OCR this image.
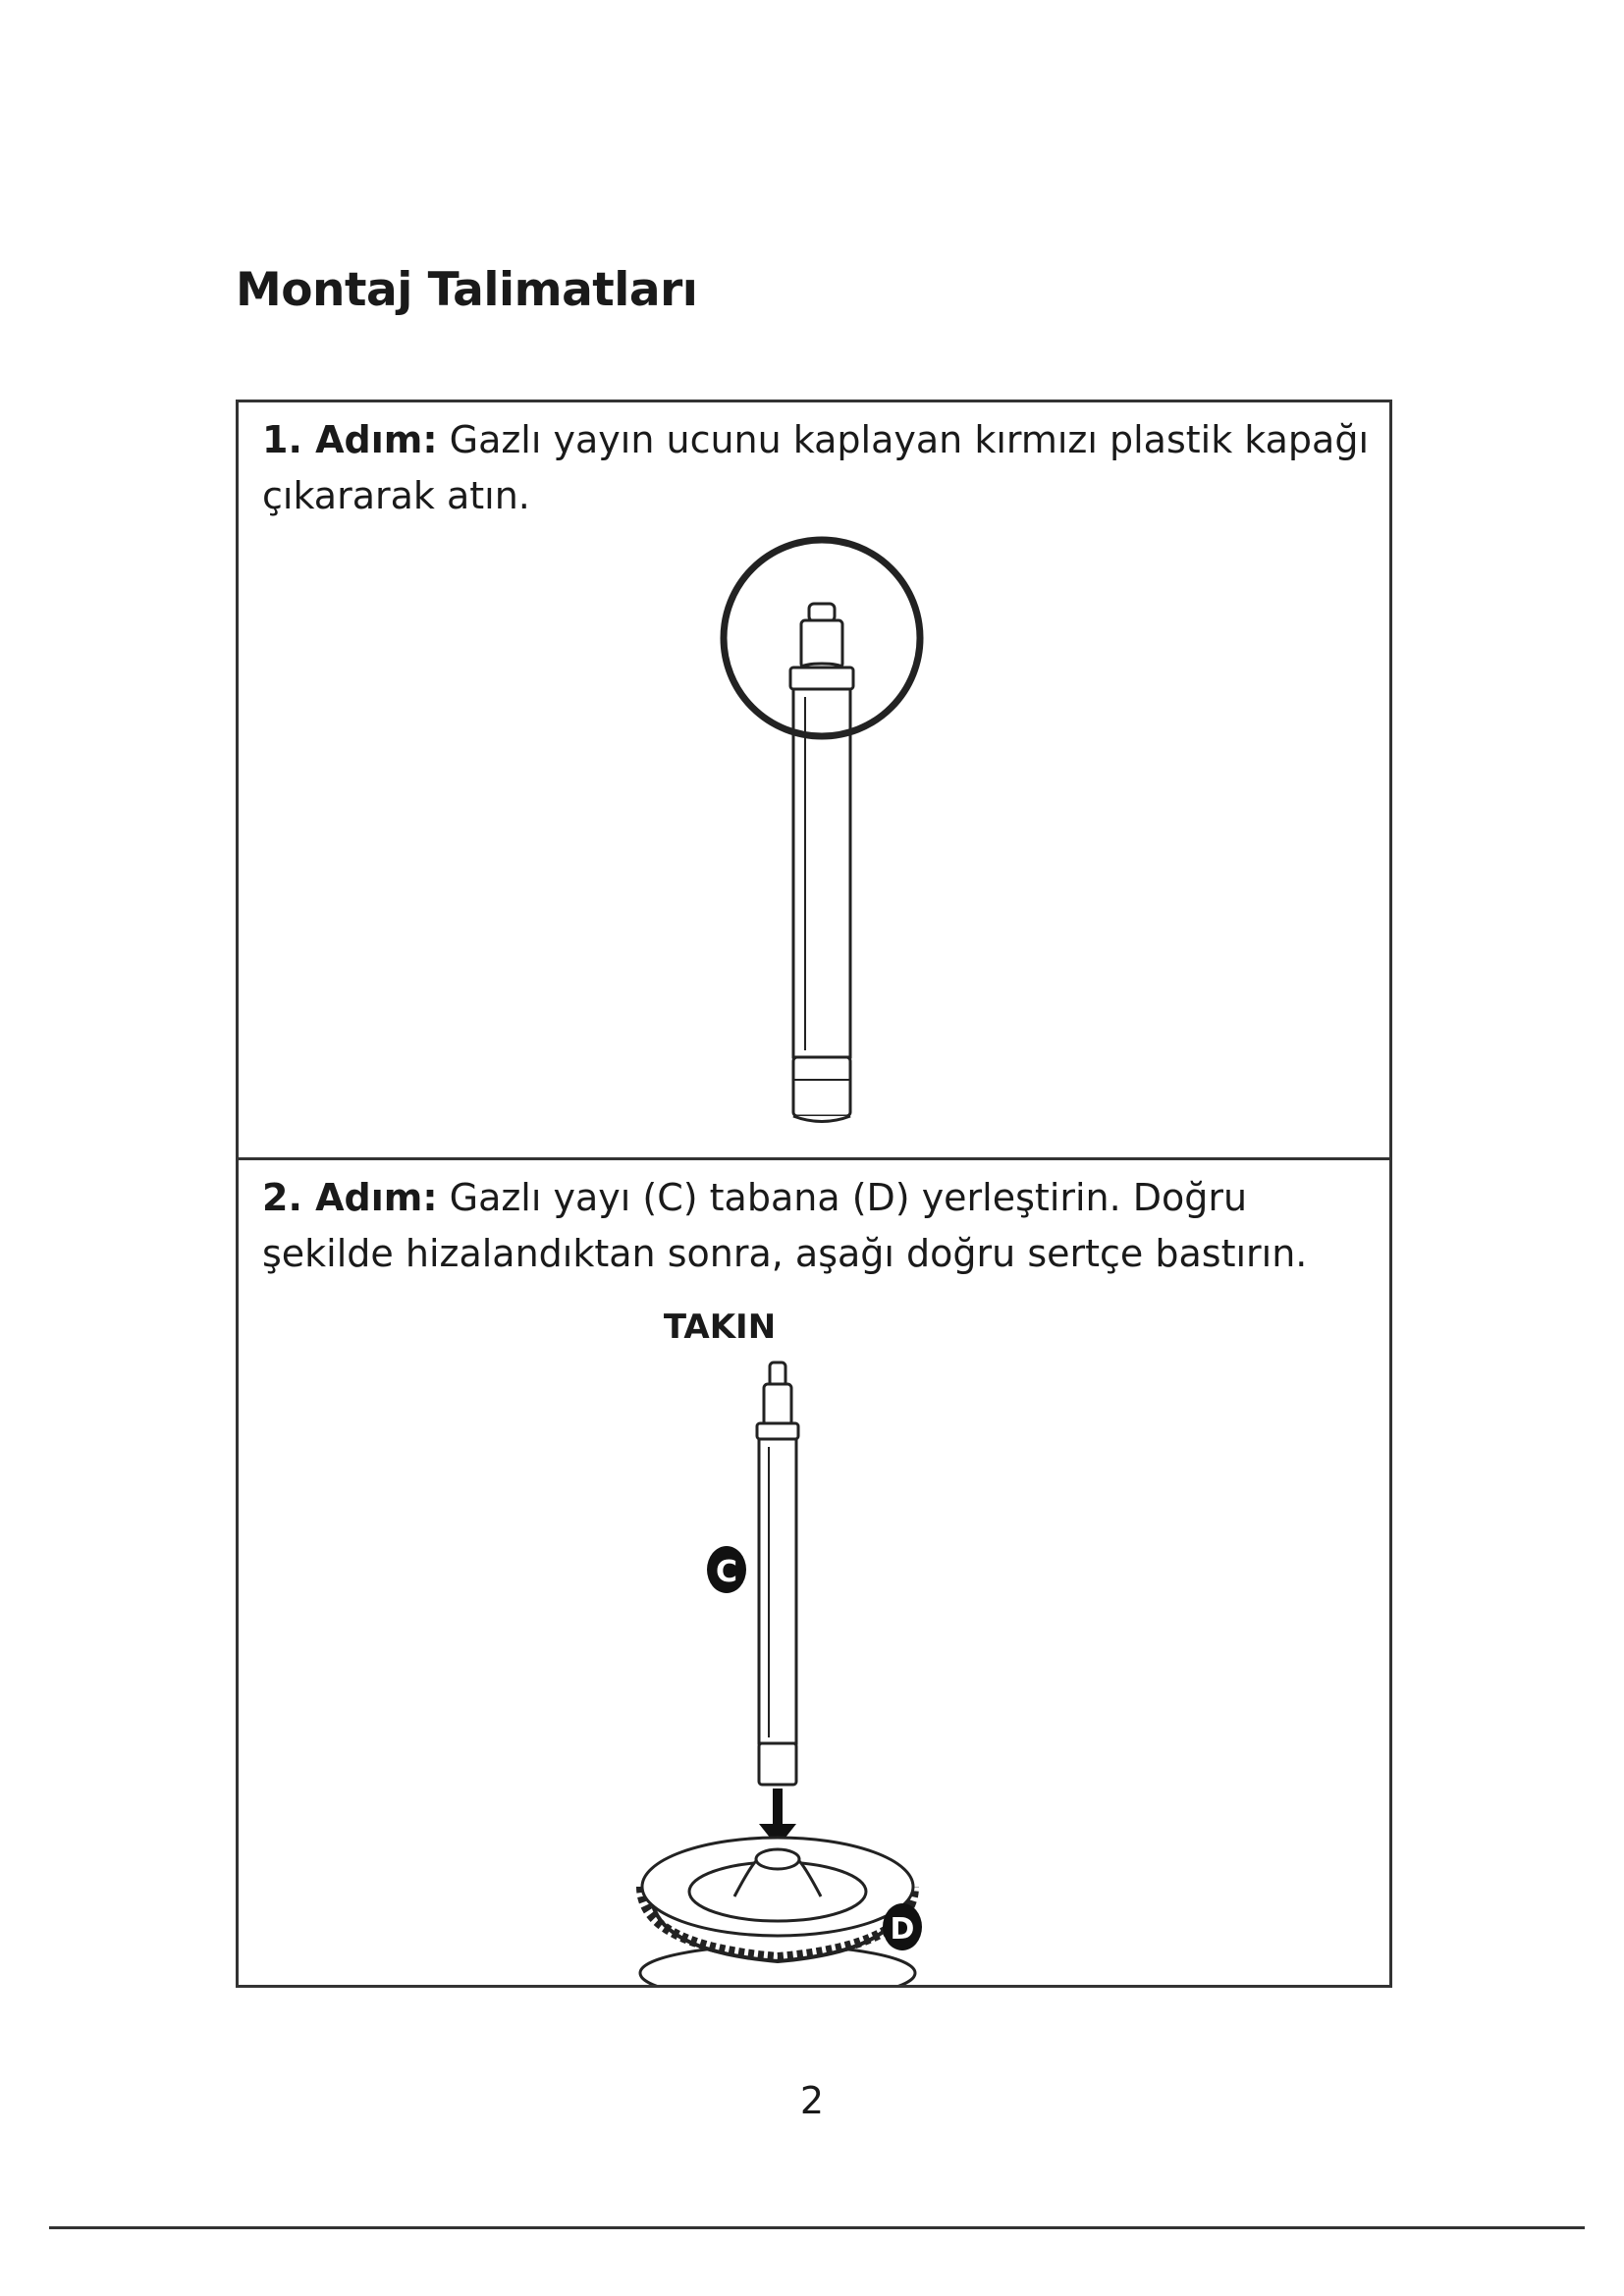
Montaj Talimatları

1. Adım: Gazlı yayın ucunu kaplayan kırmızı plastik kapağı çıkararak atın.

2. Adım: Gazlı yayı (C) tabana (D) yerleştirin. Doğru şekilde hizalandıktan sonra, aşağı doğru sertçe bastırın.

TAKIN
C
D
2
